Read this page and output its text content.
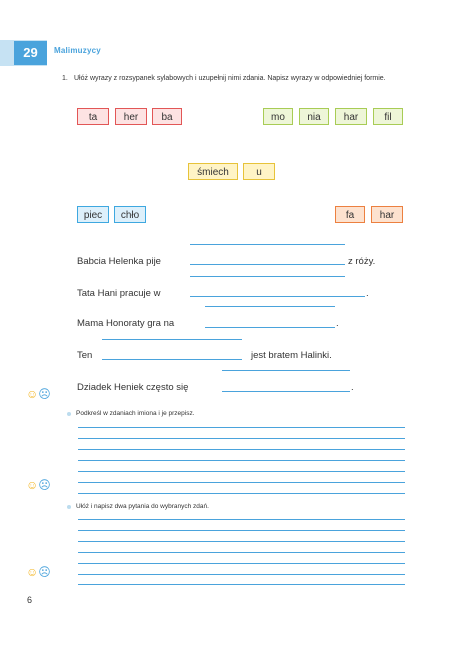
29	Malimuzycy
1. Ułóż wyrazy z rozsypanek sylabowych i uzupełnij nimi zdania. Napisz wyrazy w odpowiedniej formie.
ta	her	ba	mo	nia	har	fil
śmiech	u
piec	chło	fa	har
Babcia Helenka pije	z róży.
Tata Hani pracuje w	.
Mama Honoraty gra na	.
Ten	jest bratem Halinki.
Dziadek Heniek często się	.
☺☹
Podkreśl w zdaniach imiona i je przepisz.
☺☹
Ułóż i napisz dwa pytania do wybranych zdań.
☺☹
6
